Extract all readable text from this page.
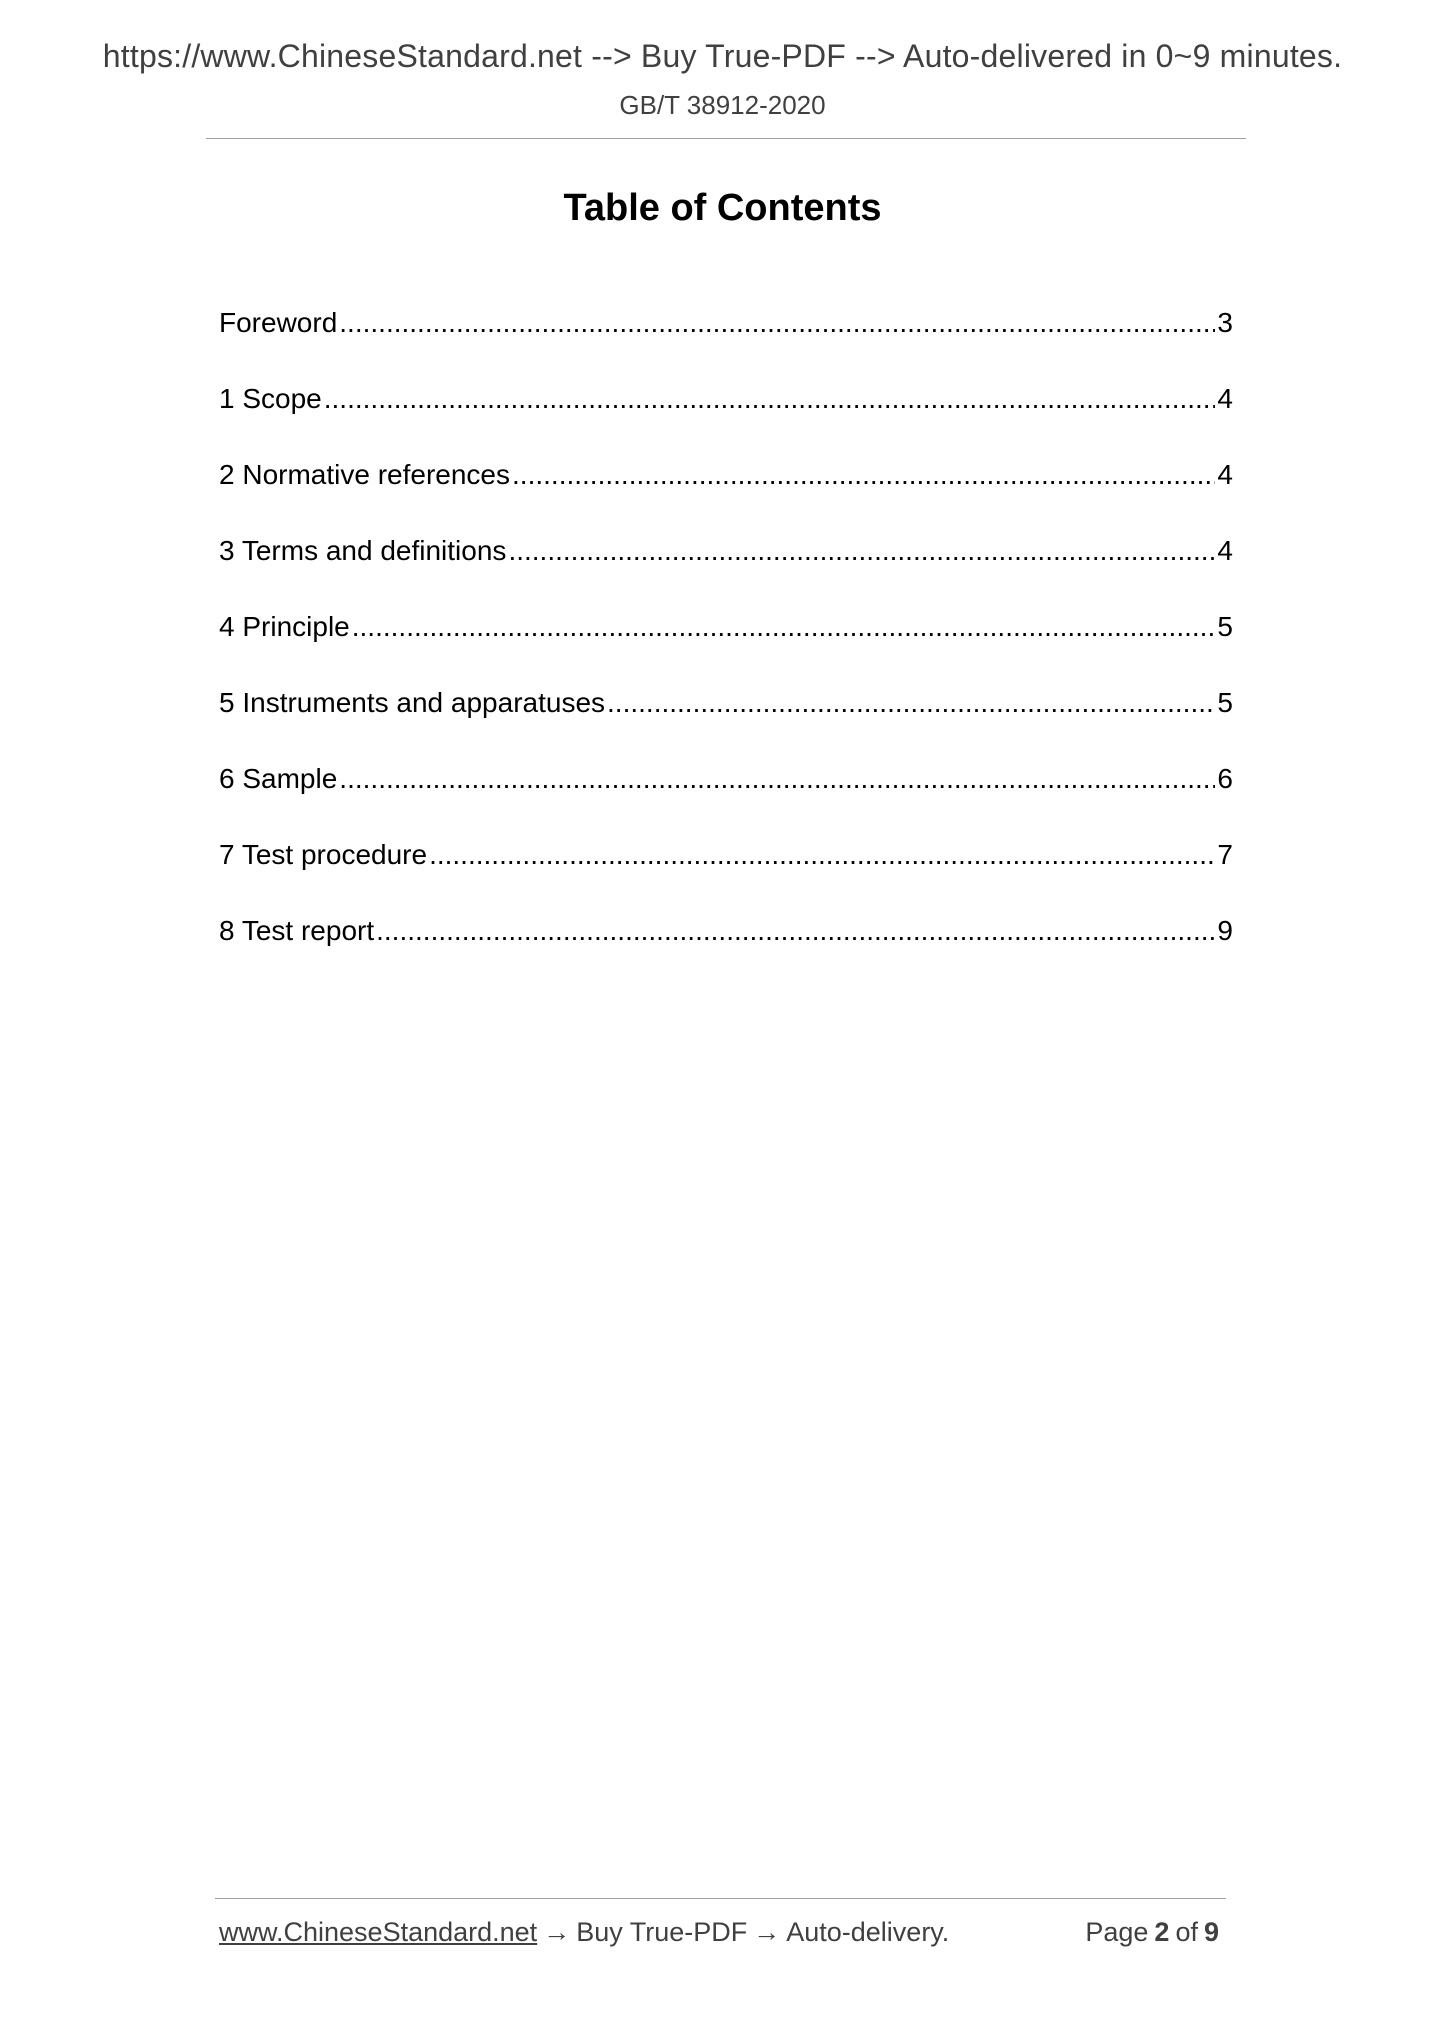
https://www.ChineseStandard.net --> Buy True-PDF --> Auto-delivered in 0~9 minutes.
GB/T 38912-2020
Table of Contents
Foreword .....	3
1 Scope .....	4
2 Normative references .....	4
3 Terms and definitions .....	4
4 Principle .....	5
5 Instruments and apparatuses .....	5
6 Sample .....	6
7 Test procedure .....	7
8 Test report .....	9
www.ChineseStandard.net → Buy True-PDF → Auto-delivery.	Page 2 of 9
